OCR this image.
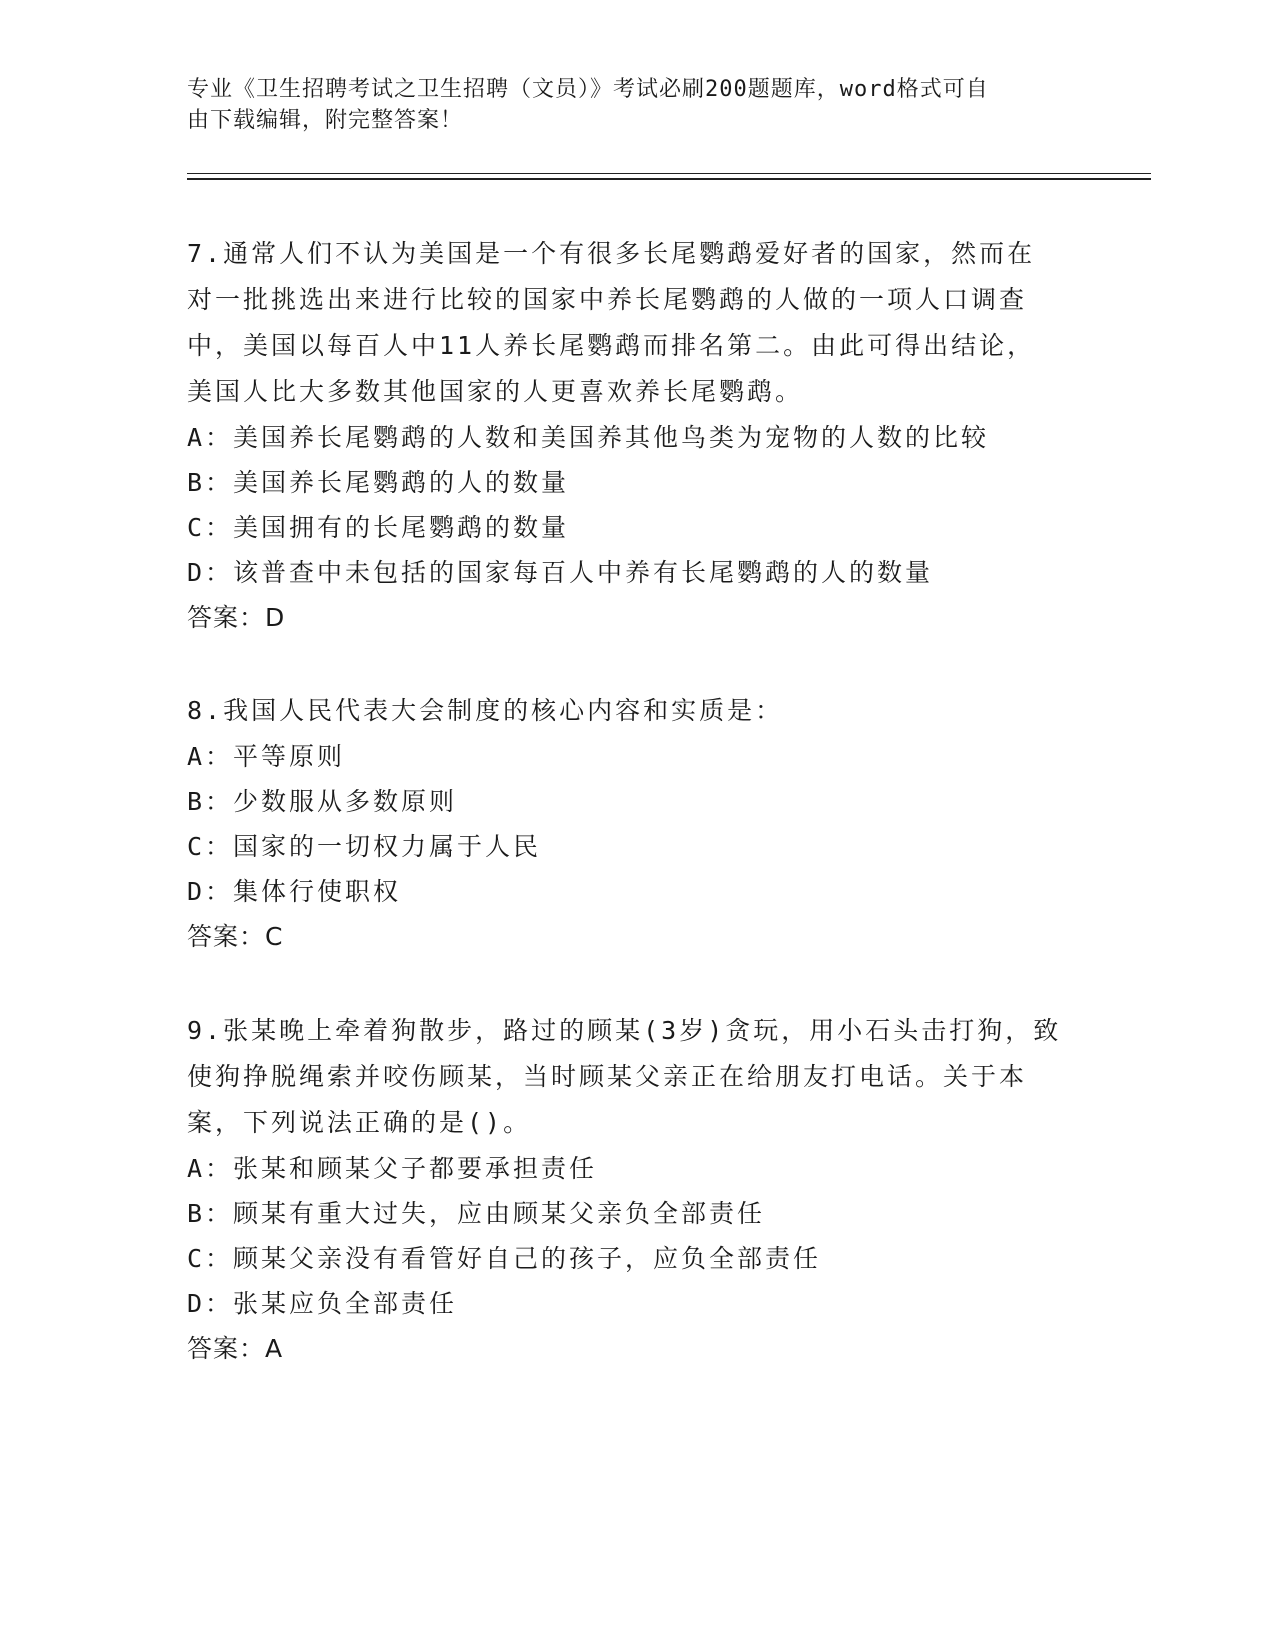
专业《卫生招聘考试之卫生招聘（文员）》考试必刷200题题库，word格式可自
由下载编辑，附完整答案！
7.通常人们不认为美国是一个有很多长尾鹦鹉爱好者的国家，然而在
对一批挑选出来进行比较的国家中养长尾鹦鹉的人做的一项人口调查
中，美国以每百人中11人养长尾鹦鹉而排名第二。由此可得出结论，
美国人比大多数其他国家的人更喜欢养长尾鹦鹉。
A：美国养长尾鹦鹉的人数和美国养其他鸟类为宠物的人数的比较
B：美国养长尾鹦鹉的人的数量
C：美国拥有的长尾鹦鹉的数量
D：该普查中未包括的国家每百人中养有长尾鹦鹉的人的数量
答案：D
8.我国人民代表大会制度的核心内容和实质是：
A：平等原则
B：少数服从多数原则
C：国家的一切权力属于人民
D：集体行使职权
答案：C
9.张某晚上牵着狗散步，路过的顾某(3岁)贪玩，用小石头击打狗，致
使狗挣脱绳索并咬伤顾某，当时顾某父亲正在给朋友打电话。关于本
案，下列说法正确的是()。
A：张某和顾某父子都要承担责任
B：顾某有重大过失，应由顾某父亲负全部责任
C：顾某父亲没有看管好自己的孩子，应负全部责任
D：张某应负全部责任
答案：A
